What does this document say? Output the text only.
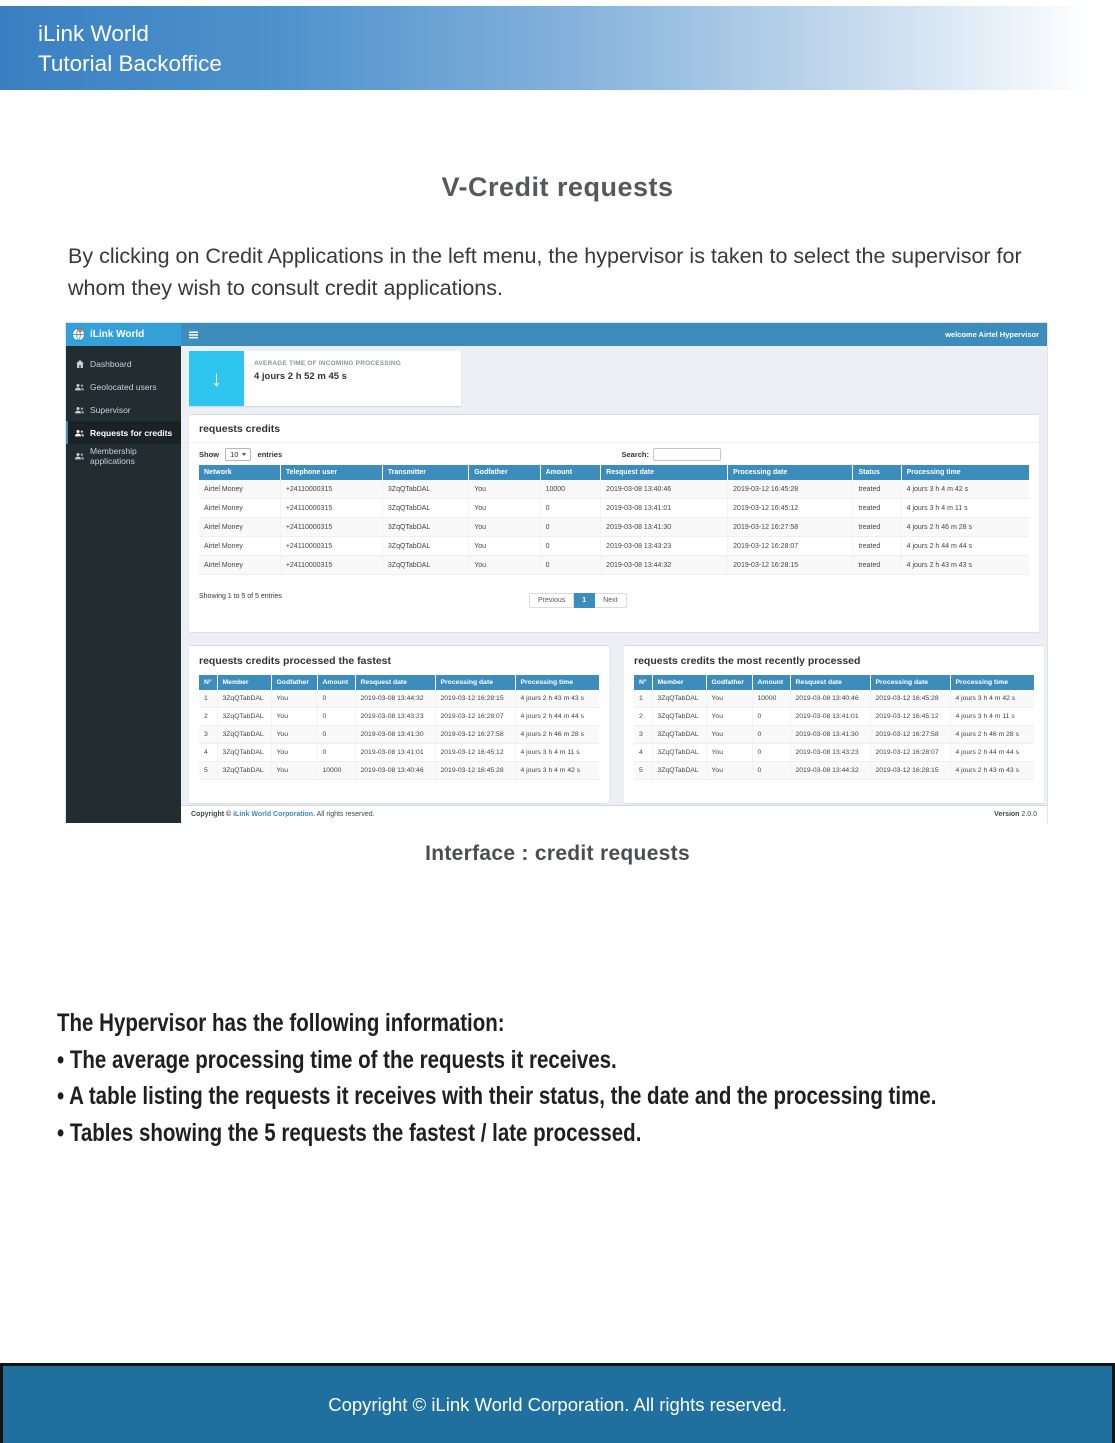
iLink World
Tutorial Backoffice
V-Credit requests

By clicking on Credit Applications in the left menu, the hypervisor is taken to select the supervisor for whom they wish to consult credit applications.

iLink World	welcome Airtel Hypervisor
Dashboard
Geolocated users
Supervisor
Requests for credits
Membership applications
↓
AVERAGE TIME OF INCOMING PROCESSING
4 jours 2 h 52 m 45 s
requests credits
Show 10	entries	Search:
Network	Telephone user	Transmitter	Godfather	Amount	Resquest date	Processing date	Status	Processing time
Airtel Money	+24110000315	3ZqQTabDAL	You	10000	2019-03-08 13:40:46	2019-03-12 16:45:28	treated	4 jours 3 h 4 m 42 s
Airtel Money	+24110000315	3ZqQTabDAL	You	0	2019-03-08 13:41:01	2019-03-12 16:45:12	treated	4 jours 3 h 4 m 11 s
Airtel Money	+24110000315	3ZqQTabDAL	You	0	2019-03-08 13:41:30	2019-03-12 16:27:58	treated	4 jours 2 h 46 m 28 s
Airtel Money	+24110000315	3ZqQTabDAL	You	0	2019-03-08 13:43:23	2019-03-12 16:28:07	treated	4 jours 2 h 44 m 44 s
Airtel Money	+24110000315	3ZqQTabDAL	You	0	2019-03-08 13:44:32	2019-03-12 16:28:15	treated	4 jours 2 h 43 m 43 s
Showing 1 to 5 of 5 entries
Previous	1	Next
requests credits processed the fastest
N°	Member	Godfather	Amount	Resquest date	Processing date	Processing time
1	3ZqQTabDAL	You	0	2019-03-08 13:44:32	2019-03-12 16:28:15	4 jours 2 h 43 m 43 s
2	3ZqQTabDAL	You	0	2019-03-08 13:43:23	2019-03-12 16:28:07	4 jours 2 h 44 m 44 s
3	3ZqQTabDAL	You	0	2019-03-08 13:41:30	2019-03-12 16:27:58	4 jours 2 h 46 m 28 s
4	3ZqQTabDAL	You	0	2019-03-08 13:41:01	2019-03-12 16:45:12	4 jours 3 h 4 m 11 s
5	3ZqQTabDAL	You	10000	2019-03-08 13:40:46	2019-03-12 16:45:28	4 jours 3 h 4 m 42 s
requests credits the most recently processed
N°	Member	Godfather	Amount	Resquest date	Processing date	Processing time
1	3ZqQTabDAL	You	10000	2019-03-08 13:40:46	2019-03-12 16:45:28	4 jours 3 h 4 m 42 s
2	3ZqQTabDAL	You	0	2019-03-08 13:41:01	2019-03-12 16:45:12	4 jours 3 h 4 m 11 s
3	3ZqQTabDAL	You	0	2019-03-08 13:41:30	2019-03-12 16:27:58	4 jours 2 h 46 m 28 s
4	3ZqQTabDAL	You	0	2019-03-08 13:43:23	2019-03-12 16:28:07	4 jours 2 h 44 m 44 s
5	3ZqQTabDAL	You	0	2019-03-08 13:44:32	2019-03-12 16:28:15	4 jours 2 h 43 m 43 s
Copyright © iLink World Corporation. All rights reserved.	Version 2.0.0
Interface : credit requests
The Hypervisor has the following information:
• The average processing time of the requests it receives.
• A table listing the requests it receives with their status, the date and the processing time.
• Tables showing the 5 requests the fastest / late processed.
Copyright © iLink World Corporation. All rights reserved.
